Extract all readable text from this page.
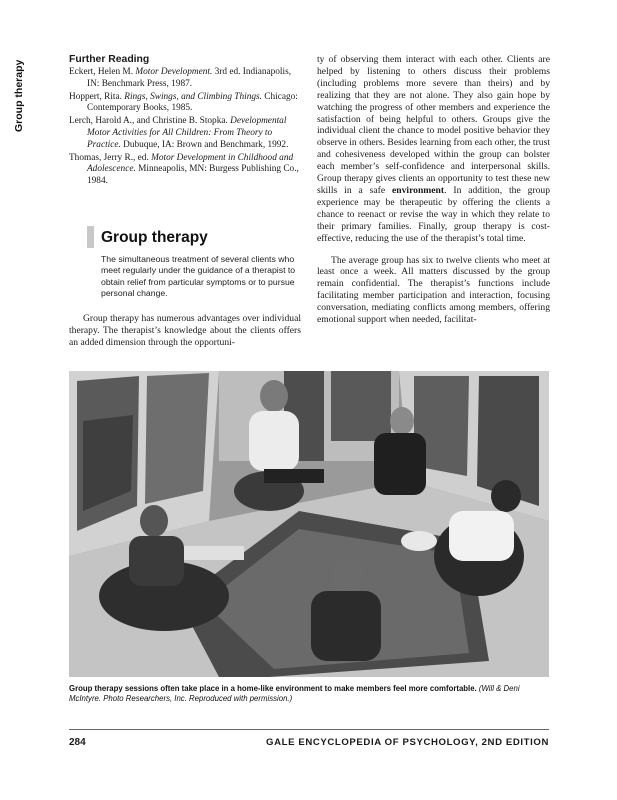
Group therapy
Further Reading

Eckert, Helen M. Motor Development. 3rd ed. Indianapolis, IN: Benchmark Press, 1987.

Hoppert, Rita. Rings, Swings, and Climbing Things. Chicago: Contemporary Books, 1985.

Lerch, Harold A., and Christine B. Stopka. Developmental Motor Activities for All Children: From Theory to Practice. Dubuque, IA: Brown and Benchmark, 1992.

Thomas, Jerry R., ed. Motor Development in Childhood and Adolescence. Minneapolis, MN: Burgess Publishing Co., 1984.

Group therapy
The simultaneous treatment of several clients who meet regularly under the guidance of a therapist to obtain relief from particular symptoms or to pursue personal change.

Group therapy has numerous advantages over individual therapy. The therapist’s knowledge about the clients offers an added dimension through the opportuni-

ty of observing them interact with each other. Clients are helped by listening to others discuss their problems (including problems more severe than theirs) and by realizing that they are not alone. They also gain hope by watching the progress of other members and experience the satisfaction of being helpful to others. Groups give the individual client the chance to model positive behavior they observe in others. Besides learning from each other, the trust and cohesiveness developed within the group can bolster each member’s self-confidence and interpersonal skills. Group therapy gives clients an opportunity to test these new skills in a safe environment. In addition, the group experience may be therapeutic by offering the clients a chance to reenact or revise the way in which they relate to their primary families. Finally, group therapy is cost-effective, reducing the use of the therapist’s total time.

The average group has six to twelve clients who meet at least once a week. All matters discussed by the group remain confidential. The therapist’s functions include facilitating member participation and interaction, focusing conversation, mediating conflicts among members, offering emotional support when needed, facilitat-

Group therapy sessions often take place in a home-like environment to make members feel more comfortable. (Will & Deni McIntyre. Photo Researchers, Inc. Reproduced with permission.)
284	GALE ENCYCLOPEDIA OF PSYCHOLOGY, 2ND EDITION
